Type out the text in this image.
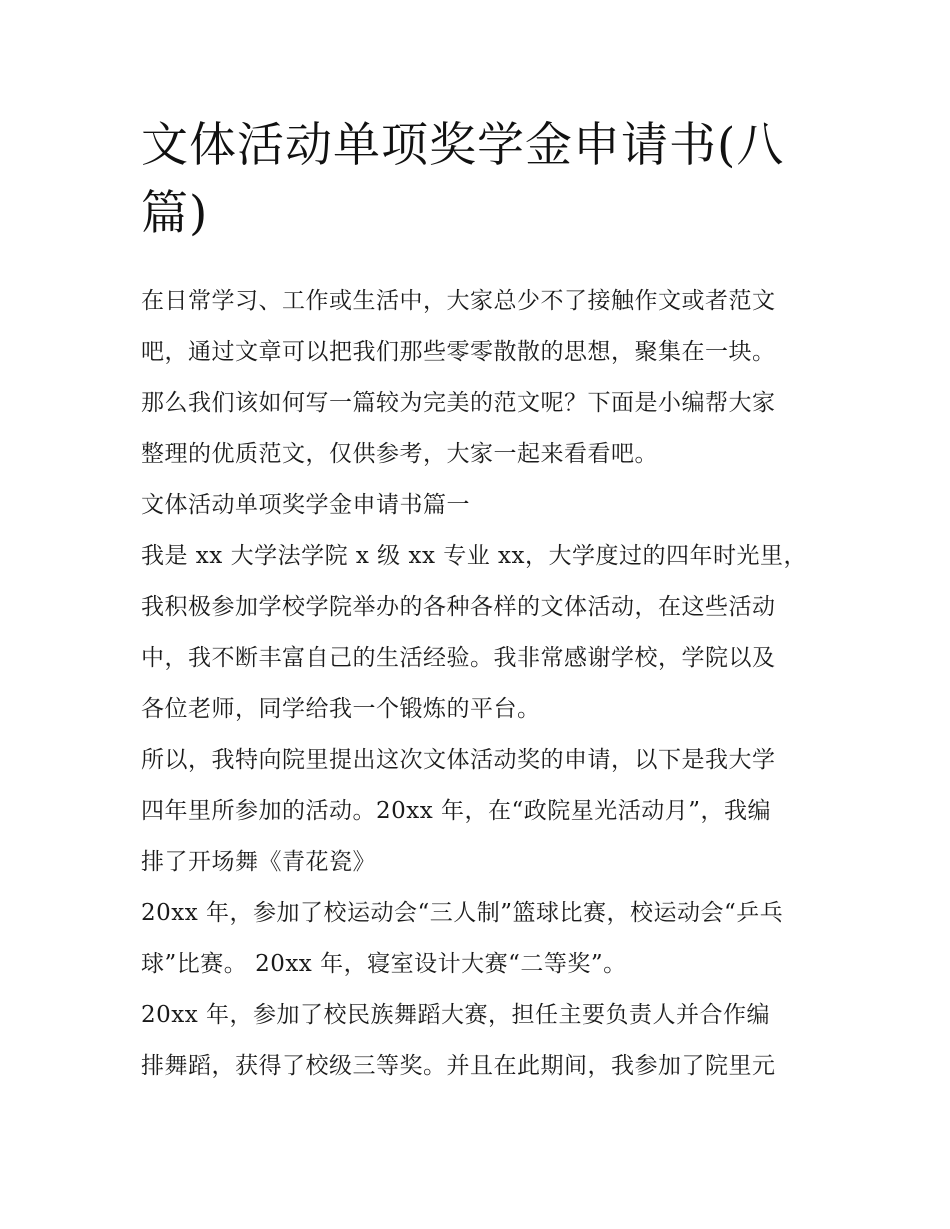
文体活动单项奖学金申请书(八篇)
在日常学习、工作或生活中，大家总少不了接触作文或者范文
吧，通过文章可以把我们那些零零散散的思想，聚集在一块。
那么我们该如何写一篇较为完美的范文呢？下面是小编帮大家
整理的优质范文，仅供参考，大家一起来看看吧。
文体活动单项奖学金申请书篇一
我是 xx 大学法学院 x 级 xx 专业 xx，大学度过的四年时光里，
我积极参加学校学院举办的各种各样的文体活动，在这些活动
中，我不断丰富自己的生活经验。我非常感谢学校，学院以及
各位老师，同学给我一个锻炼的平台。
所以，我特向院里提出这次文体活动奖的申请，以下是我大学
四年里所参加的活动。20xx 年，在“政院星光活动月”，我编
排了开场舞《青花瓷》
20xx 年，参加了校运动会“三人制”篮球比赛，校运动会“乒乓
球”比赛。 20xx 年，寝室设计大赛“二等奖”。
20xx 年，参加了校民族舞蹈大赛，担任主要负责人并合作编
排舞蹈，获得了校级三等奖。并且在此期间，我参加了院里元
